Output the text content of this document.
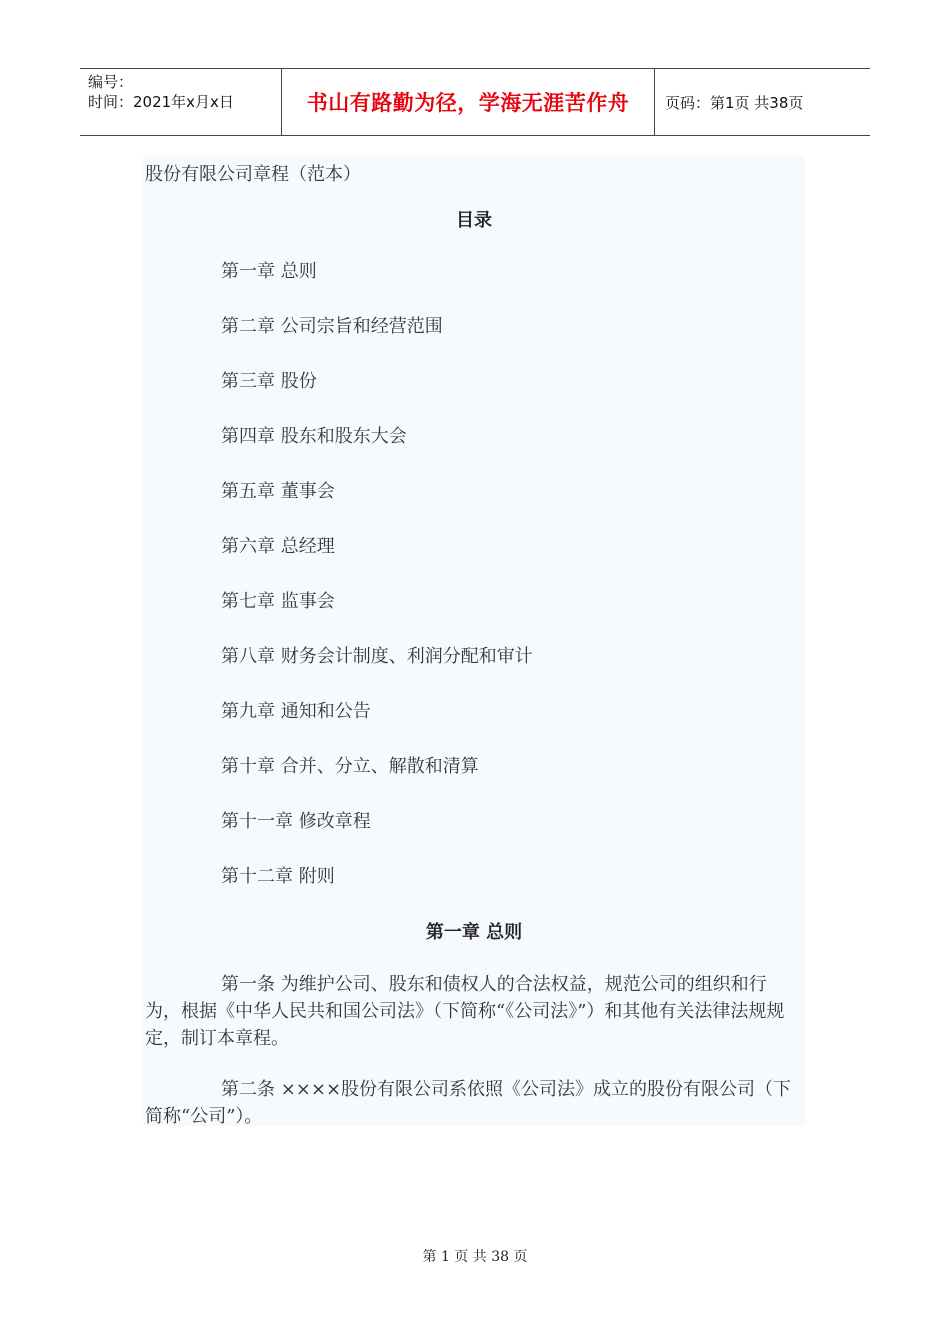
编号：
时间：2021年x月x日	书山有路勤为径，学海无涯苦作舟	页码：第1页 共38页
股份有限公司章程（范本）
目录
第一章 总则
第二章 公司宗旨和经营范围
第三章 股份
第四章 股东和股东大会
第五章 董事会
第六章 总经理
第七章 监事会
第八章 财务会计制度、利润分配和审计
第九章 通知和公告
第十章 合并、分立、解散和清算
第十一章 修改章程
第十二章 附则
第一章 总则

第一条 为维护公司、股东和债权人的合法权益，规范公司的组织和行为，根据《中华人民共和国公司法》（下简称“《公司法》”）和其他有关法律法规规定，制订本章程。

第二条 ××××股份有限公司系依照《公司法》成立的股份有限公司（下简称“公司”）。

第 1 页 共 38 页
